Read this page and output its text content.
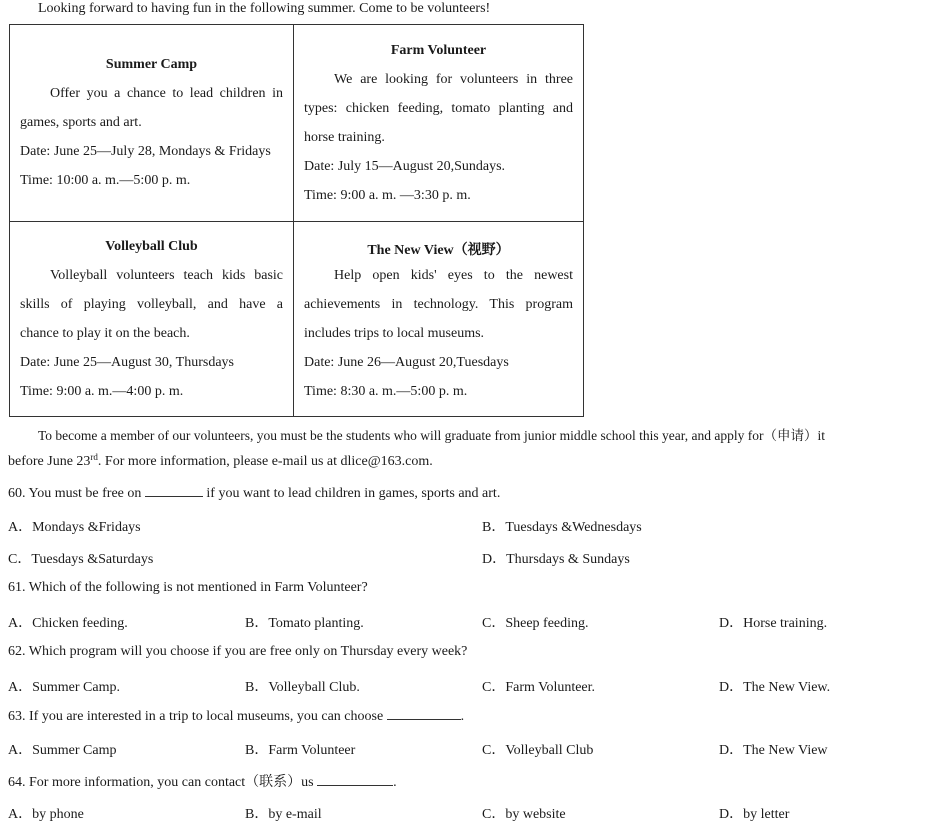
Looking forward to having fun in the following summer. Come to be volunteers!
Summer Camp
Offer you a chance to lead children in
games, sports and art.
Date: June 25—July 28, Mondays & Fridays
Time: 10:00 a. m.—5:00 p. m.
Farm Volunteer
We are looking for volunteers in three
types: chicken feeding, tomato planting and
horse training.
Date: July 15—August 20,Sundays.
Time: 9:00 a. m. —3:30 p. m.
Volleyball Club
Volleyball volunteers teach kids basic
skills of playing volleyball, and have a
chance to play it on the beach.
Date: June 25—August 30, Thursdays
Time: 9:00 a. m.—4:00 p. m.
The New View（视野）
Help open kids' eyes to the newest
achievements in technology. This program
includes trips to local museums.
Date: June 26—August 20,Tuesdays
Time: 8:30 a. m.—5:00 p. m.
To become a member of our volunteers, you must be the students who will graduate from junior middle school this year, and apply for（申请）it
before June 23rd. For more information, please e-mail us at dlice@163.com.
60. You must be free on	if you want to lead children in games, sports and art.
A．Mondays &Fridays	B．Tuesdays &Wednesdays
C．Tuesdays &Saturdays	D．Thursdays & Sundays
61. Which of the following is not mentioned in Farm Volunteer?
A．Chicken feeding.	B．Tomato planting.	C．Sheep feeding.	D．Horse training.
62. Which program will you choose if you are free only on Thursday every week?
A．Summer Camp.	B．Volleyball Club.	C．Farm Volunteer.	D．The New View.
63. If you are interested in a trip to local museums, you can choose	.
A．Summer Camp	B．Farm Volunteer	C．Volleyball Club	D．The New View
64. For more information, you can contact（联系）us	.
A．by phone	B．by e-mail	C．by website	D．by letter
